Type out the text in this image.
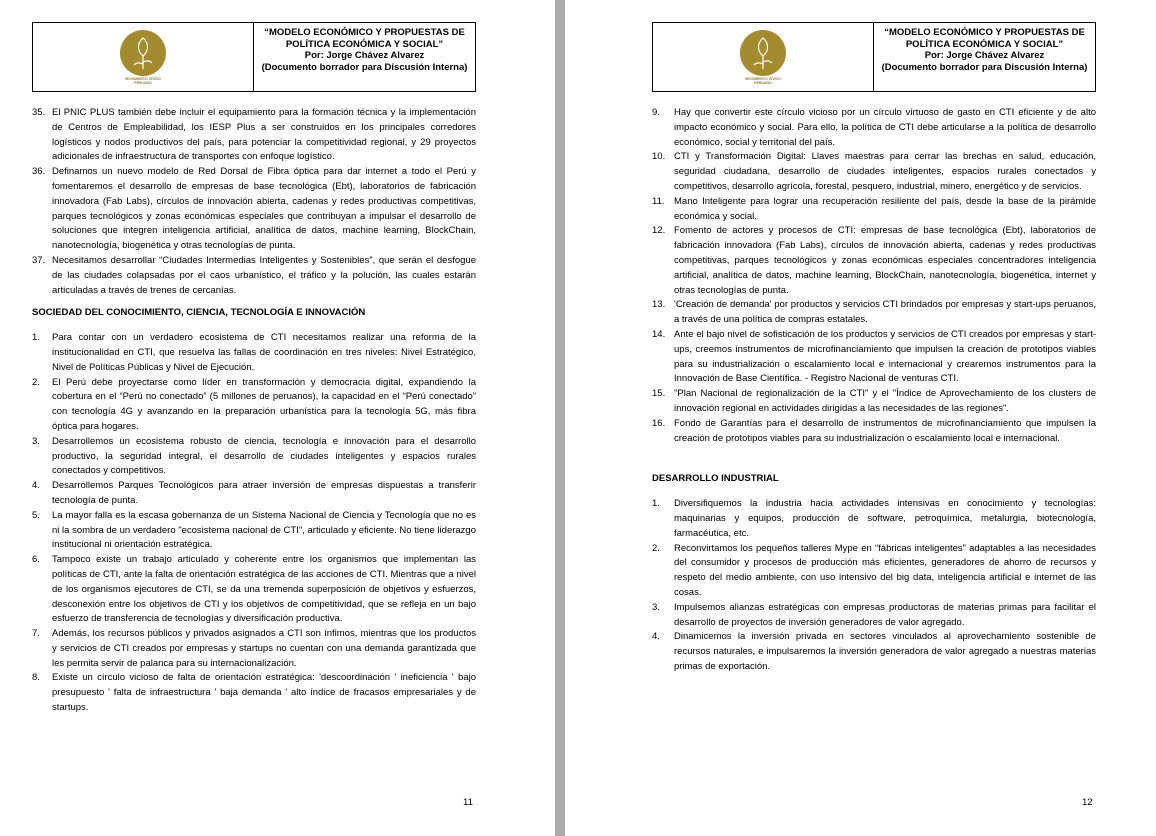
MOVIMIENTO CÍVICO
PERUANO
“MODELO ECONÓMICO Y PROPUESTAS DE
POLÍTICA ECONÓMICA Y SOCIAL”
Por: Jorge Chávez Alvarez
(Documento borrador para Discusión Interna)
35. El PNIC PLUS también debe incluir el equipamiento para la formación técnica y la implementación de Centros de Empleabilidad, los IESP Plus a ser construidos en los principales corredores logísticos y nodos productivos del país, para potenciar la competitividad regional, y 29 proyectos adicionales de infraestructura de transportes con enfoque logístico.
36. Definamos un nuevo modelo de Red Dorsal de Fibra óptica para dar internet a todo el Perú y fomentaremos el desarrollo de empresas de base tecnológica (Ebt), laboratorios de fabricación innovadora (Fab Labs), círculos de innovación abierta, cadenas y redes productivas competitivas, parques tecnológicos y zonas económicas especiales que contribuyan a impulsar el desarrollo de soluciones que integren inteligencia artificial, analítica de datos, machine learning, BlockChain, nanotecnología, biogenética y otras tecnologías de punta.
37. Necesitamos desarrollar “Ciudades Intermedias Inteligentes y Sostenibles”, que serán el desfogue de las ciudades colapsadas por el caos urbanístico, el tráfico y la polución, las cuales estarán articuladas a través de trenes de cercanías.
SOCIEDAD DEL CONOCIMIENTO, CIENCIA, TECNOLOGÍA E INNOVACIÓN
1.	Para contar con un verdadero ecosistema de CTI necesitamos realizar una reforma de la institucionalidad en CTI, que resuelva las fallas de coordinación en tres niveles: Nivel Estratégico, Nivel de Políticas Públicas y Nivel de Ejecución.
2.	El Perú debe proyectarse como líder en transformación y democracia digital, expandiendo la cobertura en el “Perú no conectado” (5 millones de peruanos), la capacidad en el “Perú conectado” con tecnología 4G y avanzando en la preparación urbanística para la tecnología 5G, más fibra óptica para hogares.
3.	Desarrollemos un ecosistema robusto de ciencia, tecnología e innovación para el desarrollo productivo, la seguridad integral, el desarrollo de ciudades inteligentes y espacios rurales conectados y competitivos.
4.	Desarrollemos Parques Tecnológicos para atraer inversión de empresas dispuestas a transferir tecnología de punta.
5.	La mayor falla es la escasa gobernanza de un Sistema Nacional de Ciencia y Tecnología que no es ni la sombra de un verdadero "ecosistema nacional de CTI", articulado y eficiente. No tiene liderazgo institucional ni orientación estratégica.
6.	Tampoco existe un trabajo articulado y coherente entre los organismos que implementan las políticas de CTI, ante la falta de orientación estratégica de las acciones de CTI. Mientras que a nivel de los organismos ejecutores de CTI, se da una tremenda superposición de objetivos y esfuerzos, desconexión entre los objetivos de CTI y los objetivos de competitividad, que se refleja en un bajo esfuerzo de transferencia de tecnologías y diversificación productiva.
7.	Además, los recursos públicos y privados asignados a CTI son ínfimos, mientras que los productos y servicios de CTI creados por empresas y startups no cuentan con una demanda garantizada que les permita servir de palanca para su internacionalización.
8.	Existe un círculo vicioso de falta de orientación estratégica: 'descoordinación ' ineficiencia ' bajo presupuesto ' falta de infraestructura ' baja demanda ' alto índice de fracasos empresariales y de startups.
11
MOVIMIENTO CÍVICO
PERUANO
“MODELO ECONÓMICO Y PROPUESTAS DE
POLÍTICA ECONÓMICA Y SOCIAL”
Por: Jorge Chávez Alvarez
(Documento borrador para Discusión Interna)
9.	Hay que convertir este círculo vicioso por un círculo virtuoso de gasto en CTI eficiente y de alto impacto económico y social. Para ello, la política de CTI debe articularse a la política de desarrollo económico, social y territorial del país.
10. CTI y Transformación Digital: Llaves maestras para cerrar las brechas en salud, educación, seguridad ciudadana, desarrollo de ciudades inteligentes, espacios rurales conectados y competitivos, desarrollo agrícola, forestal, pesquero, industrial, minero, energético y de servicios.
11. Mano Inteligente para lograr una recuperación resiliente del país, desde la base de la pirámide económica y social.
12. Fomento de actores y procesos de CTI: empresas de base tecnológica (Ebt), laboratorios de fabricación innovadora (Fab Labs), círculos de innovación abierta, cadenas y redes productivas competitivas, parques tecnológicos y zonas económicas especiales concentradores inteligencia artificial, analítica de datos, machine learning, BlockChain, nanotecnología, biogenética, internet y otras tecnologías de punta.
13. 'Creación de demanda' por productos y servicios CTI brindados por empresas y start-ups peruanos, a través de una política de compras estatales.
14. Ante el bajo nivel de sofisticación de los productos y servicios de CTI creados por empresas y start-ups, creemos instrumentos de microfinanciamiento que impulsen la creación de prototipos viables para su industrialización o escalamiento local e internacional y crearemos instrumentos para la Innovación de Base Científica. - Registro Nacional de venturas CTI.
15. "Plan Nacional de regionalización de la CTI" y el "Índice de Aprovechamiento de los clusters de innovación regional en actividades dirigidas a las necesidades de las regiones".
16. Fondo de Garantías para el desarrollo de instrumentos de microfinanciamiento que impulsen la creación de prototipos viables para su industrialización o escalamiento local e internacional.
DESARROLLO INDUSTRIAL
1.	Diversifiquemos la industria hacia actividades intensivas en conocimiento y tecnologías: maquinarias y equipos, producción de software, petroquímica, metalurgia, biotecnología, farmacéutica, etc.
2.	Reconvirtamos los pequeños talleres Mype en “fábricas inteligentes” adaptables a las necesidades del consumidor y procesos de producción más eficientes, generadores de ahorro de recursos y respeto del medio ambiente, con uso intensivo del big data, inteligencia artificial e internet de las cosas.
3.	Impulsemos alianzas estratégicas con empresas productoras de materias primas para facilitar el desarrollo de proyectos de inversión generadores de valor agregado.
4.	Dinamicemos la inversión privada en sectores vinculados al aprovechamiento sostenible de recursos naturales, e impulsaremos la inversión generadora de valor agregado a nuestras materias primas de exportación.
12
